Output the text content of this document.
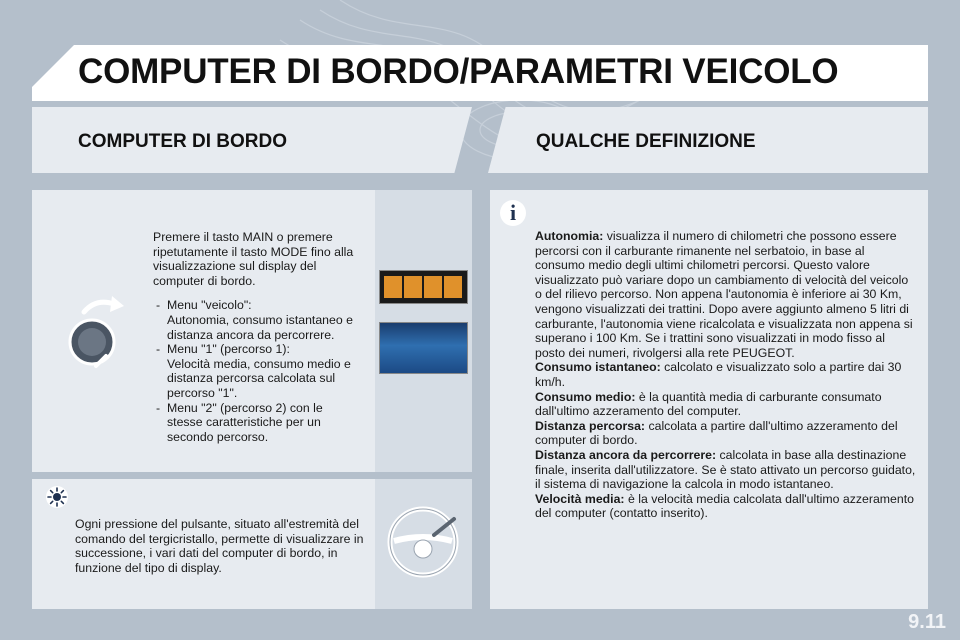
COMPUTER DI BORDO/PARAMETRI VEICOLO
COMPUTER DI BORDO	QUALCHE DEFINIZIONE

Premere il tasto MAIN o premere ripetutamente il tasto MODE fino alla visualizzazione sul display del computer di bordo.

- Menu "veicolo":
Autonomia, consumo istantaneo e distanza ancora da percorrere.
- Menu "1" (percorso 1):
Velocità media, consumo medio e distanza percorsa calcolata sul percorso "1".
- Menu "2" (percorso 2) con le
stesse caratteristiche per un secondo percorso.
Ogni pressione del pulsante, situato all'estremità del comando del tergicristallo, permette di visualizzare in successione, i vari dati del computer di bordo, in funzione del tipo di display.
i

Autonomia: visualizza il numero di chilometri che possono essere percorsi con il carburante rimanente nel serbatoio, in base al consumo medio degli ultimi chilometri percorsi. Questo valore visualizzato può variare dopo un cambiamento di velocità del veicolo o del rilievo percorso. Non appena l'autonomia è inferiore ai 30 Km, vengono visualizzati dei trattini. Dopo avere aggiunto almeno 5 litri di carburante, l'autonomia viene ricalcolata e visualizzata non appena si superano i 100 Km. Se i trattini sono visualizzati in modo fisso al posto dei numeri, rivolgersi alla rete PEUGEOT.

Consumo istantaneo: calcolato e visualizzato solo a partire dai 30 km/h.

Consumo medio: è la quantità media di carburante consumato dall'ultimo azzeramento del computer.

Distanza percorsa: calcolata a partire dall'ultimo azzeramento del computer di bordo.

Distanza ancora da percorrere: calcolata in base alla destinazione finale, inserita dall'utilizzatore. Se è stato attivato un percorso guidato, il sistema di navigazione la calcola in modo istantaneo.

Velocità media: è la velocità media calcolata dall'ultimo azzeramento del computer (contatto inserito).

9.11
